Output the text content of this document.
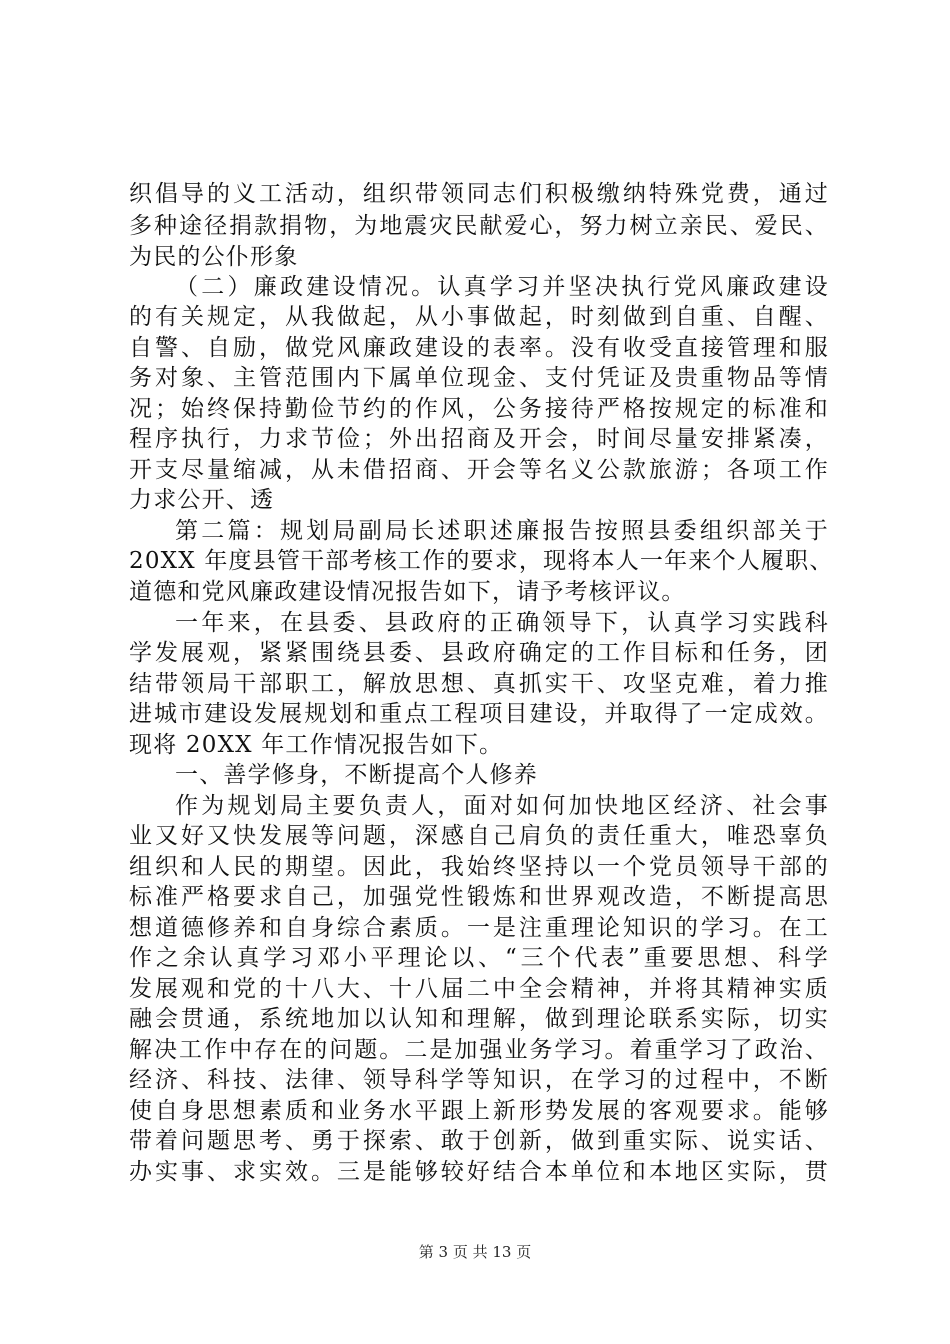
织倡导的义工活动，组织带领同志们积极缴纳特殊党费，通过
多种途径捐款捐物，为地震灾民献爱心，努力树立亲民、爱民、
为民的公仆形象
（二）廉政建设情况。认真学习并坚决执行党风廉政建设
的有关规定，从我做起，从小事做起，时刻做到自重、自醒、
自警、自励，做党风廉政建设的表率。没有收受直接管理和服
务对象、主管范围内下属单位现金、支付凭证及贵重物品等情
况；始终保持勤俭节约的作风，公务接待严格按规定的标准和
程序执行，力求节俭；外出招商及开会，时间尽量安排紧凑，
开支尽量缩减，从未借招商、开会等名义公款旅游；各项工作
力求公开、透
第二篇：规划局副局长述职述廉报告按照县委组织部关于
20XX 年度县管干部考核工作的要求，现将本人一年来个人履职、
道德和党风廉政建设情况报告如下，请予考核评议。
一年来，在县委、县政府的正确领导下，认真学习实践科
学发展观，紧紧围绕县委、县政府确定的工作目标和任务，团
结带领局干部职工，解放思想、真抓实干、攻坚克难，着力推
进城市建设发展规划和重点工程项目建设，并取得了一定成效。
现将 20XX 年工作情况报告如下。
一、善学修身，不断提高个人修养
作为规划局主要负责人，面对如何加快地区经济、社会事
业又好又快发展等问题，深感自己肩负的责任重大，唯恐辜负
组织和人民的期望。因此，我始终坚持以一个党员领导干部的
标准严格要求自己，加强党性锻炼和世界观改造，不断提高思
想道德修养和自身综合素质。一是注重理论知识的学习。在工
作之余认真学习邓小平理论以、“三个代表”重要思想、科学
发展观和党的十八大、十八届二中全会精神，并将其精神实质
融会贯通，系统地加以认知和理解，做到理论联系实际，切实
解决工作中存在的问题。二是加强业务学习。着重学习了政治、
经济、科技、法律、领导科学等知识，在学习的过程中，不断
使自身思想素质和业务水平跟上新形势发展的客观要求。能够
带着问题思考、勇于探索、敢于创新，做到重实际、说实话、
办实事、求实效。三是能够较好结合本单位和本地区实际，贯
第 3 页 共 13 页
